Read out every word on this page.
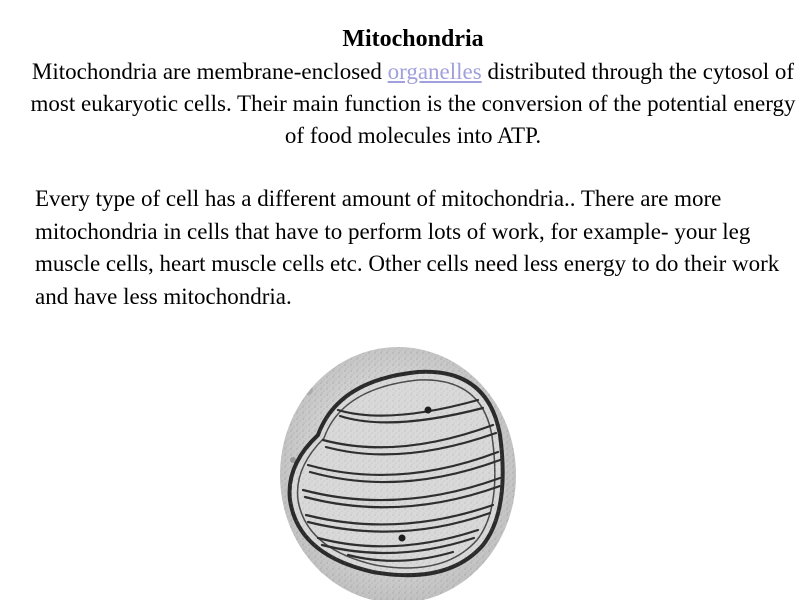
Mitochondria
Mitochondria are membrane-enclosed organelles distributed through the cytosol of most eukaryotic cells. Their main function is the conversion of the potential energy of food molecules into ATP.
Every type of cell has a different amount of mitochondria.. There are more mitochondria in cells that have to perform lots of work, for example- your leg muscle cells, heart muscle cells etc. Other cells need less energy to do their work and have less mitochondria.
